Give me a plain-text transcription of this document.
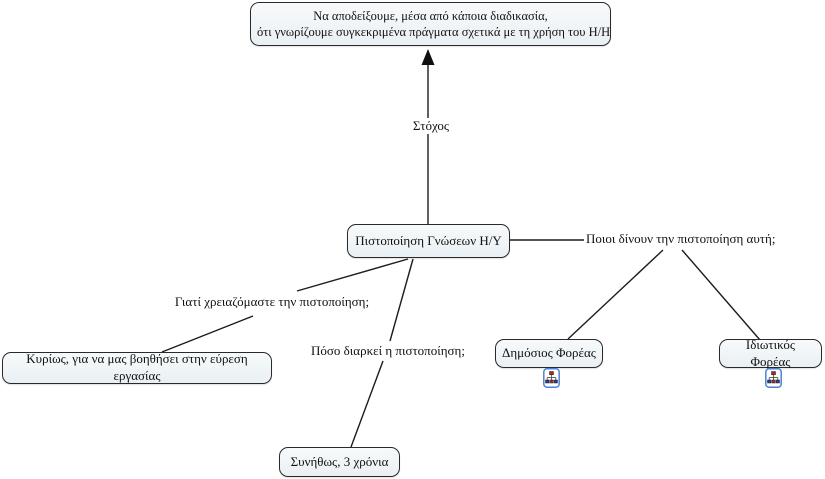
Να αποδείξουμε, μέσα από κάποια διαδικασία,
ότι γνωρίζουμε συγκεκριμένα πράγματα σχετικά με τη χρήση του Η/Η
Πιστοποίηση Γνώσεων Η/Υ
Κυρίως, για να μας βοηθήσει στην εύρεση εργασίας
Συνήθως, 3 χρόνια
Δημόσιος Φορέας
Ιδιωτικός Φορέας
Στόχος
Γιατί χρειαζόμαστε την πιστοποίηση;
Πόσο διαρκεί η πιστοποίηση;
Ποιοι δίνουν την πιστοποίηση αυτή;
